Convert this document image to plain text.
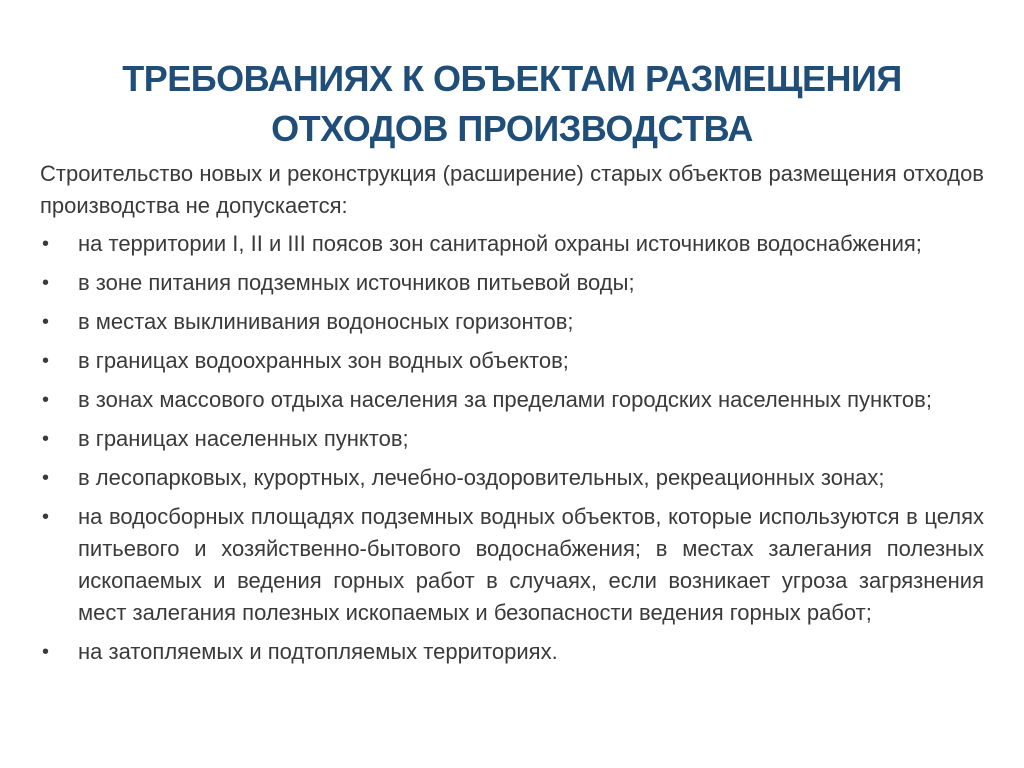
ТРЕБОВАНИЯХ К ОБЪЕКТАМ РАЗМЕЩЕНИЯ
ОТХОДОВ ПРОИЗВОДСТВА

Строительство новых и реконструкция (расширение) старых объектов размещения отходов производства не допускается:

• на территории I, II и III поясов зон санитарной охраны источников водоснабжения;
• в зоне питания подземных источников питьевой воды;
• в местах выклинивания водоносных горизонтов;
• в границах водоохранных зон водных объектов;
• в зонах массового отдыха населения за пределами городских населенных пунктов;
• в границах населенных пунктов;
• в лесопарковых, курортных, лечебно-оздоровительных, рекреационных зонах;
• на водосборных площадях подземных водных объектов, которые используются в целях питьевого и хозяйственно-бытового водоснабжения; в местах залегания полезных ископаемых и ведения горных работ в случаях, если возникает угроза загрязнения мест залегания полезных ископаемых и безопасности ведения горных работ;
• на затопляемых и подтопляемых территориях.
